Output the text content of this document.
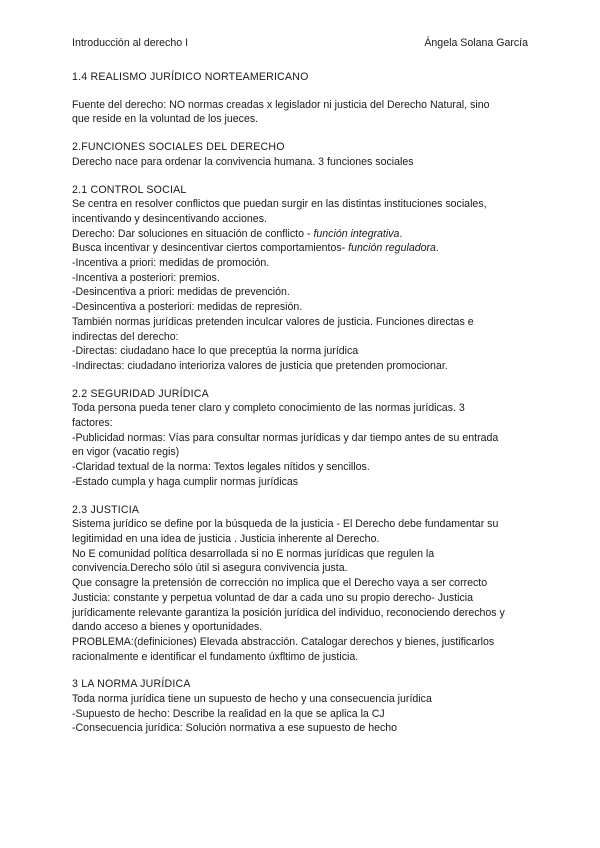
Introducción al derecho I	Ángela Solana García

1.4 REALISMO JURÍDICO NORTEAMERICANO

Fuente del derecho: NO normas creadas x legislador ni justicia del Derecho Natural, sino

que reside en la voluntad de los jueces.

2.FUNCIONES SOCIALES DEL DERECHO

Derecho nace para ordenar la convivencia humana. 3 funciones sociales

2.1 CONTROL SOCIAL

Se centra en resolver conflictos que puedan surgir en las distintas instituciones sociales,

incentivando y desincentivando acciones.

Derecho: Dar soluciones en situación de conflicto - función integrativa.

Busca incentivar y desincentivar ciertos comportamientos- función reguladora.

-Incentiva a priori: medidas de promoción.

-Incentiva a posteriori: premios.

-Desincentiva a priori: medidas de prevención.

-Desincentiva a posteriori: medidas de represión.

También normas jurídicas pretenden inculcar valores de justicia. Funciones directas e

indirectas del derecho:

-Directas: ciudadano hace lo que preceptúa la norma jurídica

-Indirectas: ciudadano interioriza valores de justicia que pretenden promocionar.

2.2 SEGURIDAD JURÍDICA

Toda persona pueda tener claro y completo conocimiento de las normas jurídicas. 3

factores:

-Publicidad normas: Vías para consultar normas jurídicas y dar tiempo antes de su entrada

en vigor (vacatio regis)

-Claridad textual de la norma: Textos legales nítidos y sencillos.

-Estado cumpla y haga cumplir normas jurídicas

2.3 JUSTICIA

Sistema jurídico se define por la búsqueda de la justicia - El Derecho debe fundamentar su

legitimidad en una idea de justicia . Justicia inherente al Derecho.

No E comunidad política desarrollada si no E normas jurídicas que regulen la

convivencia.Derecho sólo útil si asegura convivencia justa.

Que consagre la pretensión de corrección no implica que el Derecho vaya a ser correcto

Justicia: constante y perpetua voluntad de dar a cada uno su propio derecho- Justicia

jurídicamente relevante garantiza la posición jurídica del individuo, reconociendo derechos y

dando acceso a bienes y oportunidades.

PROBLEMA:(definiciones) Elevada abstracción. Catalogar derechos y bienes, justificarlos

racionalmente e identificar el fundamento úxfltimo de justicia.

3 LA NORMA JURÍDICA

Toda norma jurídica tiene un supuesto de hecho y una consecuencia jurídica

-Supuesto de hecho: Describe la realidad en la que se aplica la CJ

-Consecuencia jurídica: Solución normativa a ese supuesto de hecho
